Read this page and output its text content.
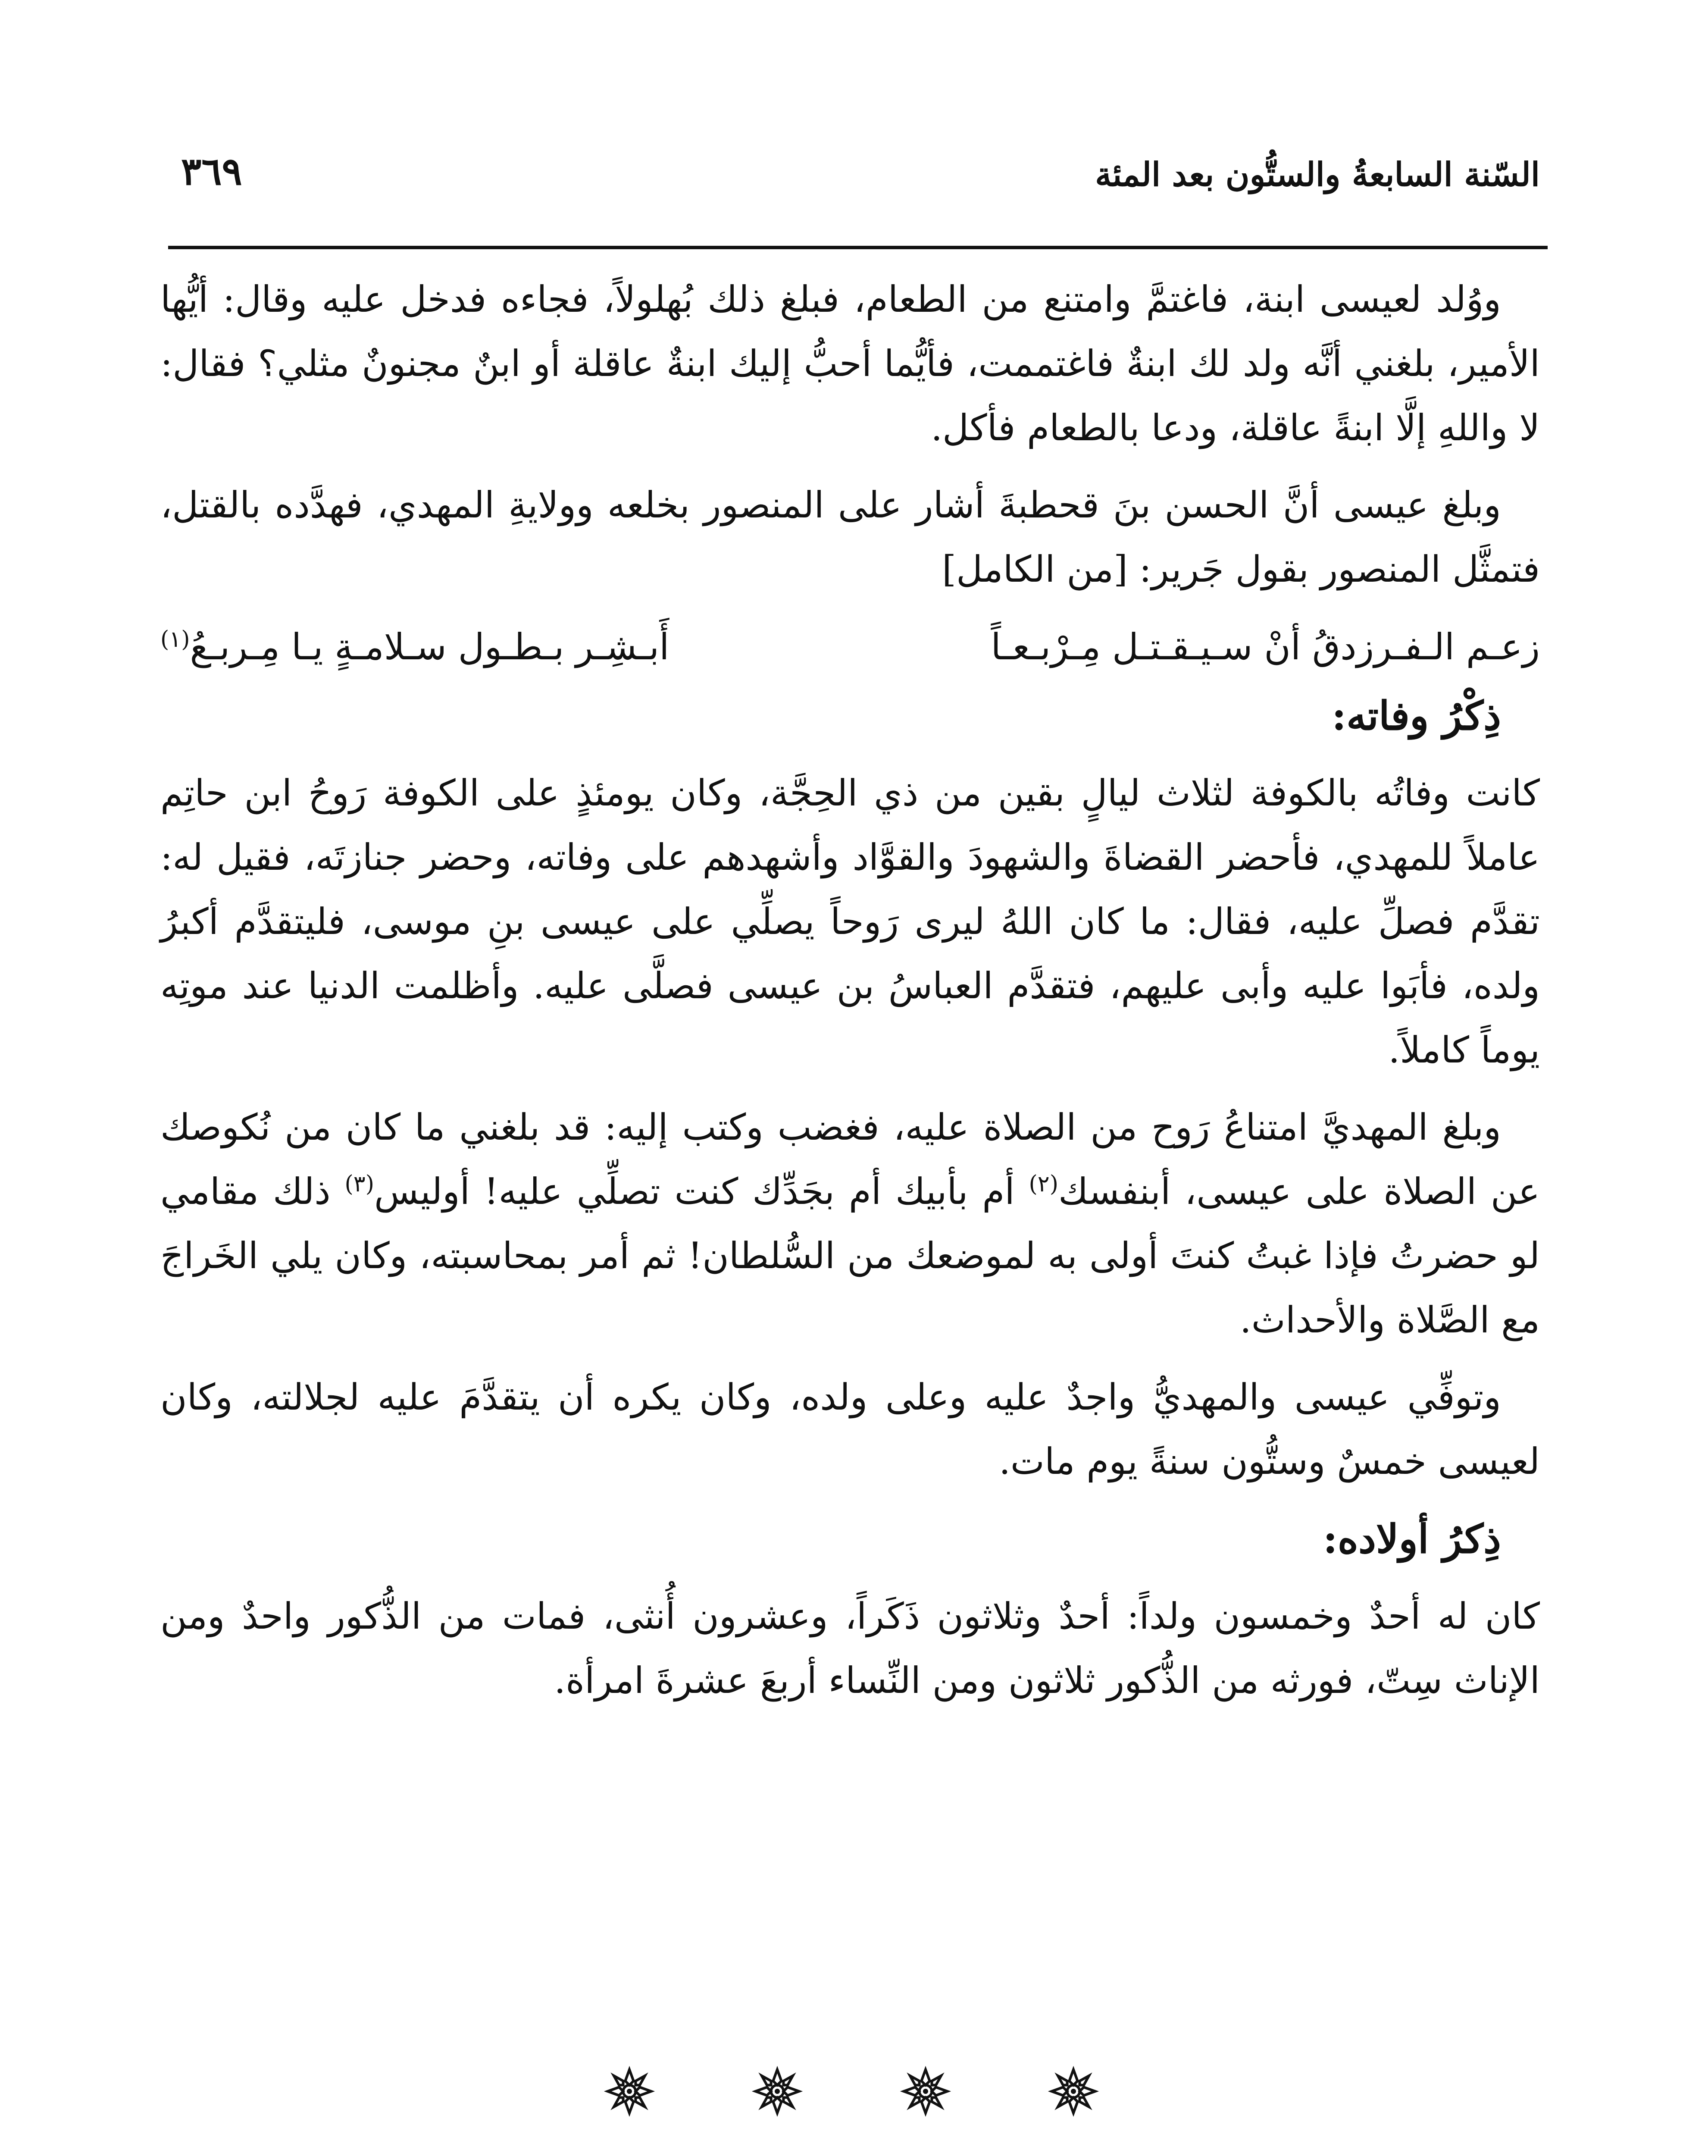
السّنة السابعةُ والستُّون بعد المئة
٣٦٩

ووُلد لعيسى ابنة، فاغتمَّ وامتنع من الطعام، فبلغ ذلك بُهلولاً، فجاءه فدخل عليه وقال: أيُّها الأمير، بلغني أنَّه ولد لك ابنةٌ فاغتممت، فأيُّما أحبُّ إليك ابنةٌ عاقلة أو ابنٌ مجنونٌ مثلي؟ فقال: لا واللهِ إلَّا ابنةً عاقلة، ودعا بالطعام فأكل.

وبلغ عيسى أنَّ الحسن بنَ قحطبةَ أشار على المنصور بخلعه وولايةِ المهدي، فهدَّده بالقتل، فتمثَّل المنصور بقول جَرير: [من الكامل]

زعـم الـفـرزدقُ أنْ سـيـقـتـل مِـرْبـعـاً
أَبـشِـر بـطـول سـلامـةٍ يـا مِـربـعُ$^{(١)}$

ذِكْرُ وفاته:

كانت وفاتُه بالكوفة لثلاث ليالٍ بقين من ذي الحِجَّة، وكان يومئذٍ على الكوفة رَوحُ ابن حاتِم عاملاً للمهدي، فأحضر القضاةَ والشهودَ والقوَّاد وأشهدهم على وفاته، وحضر جنازتَه، فقيل له: تقدَّم فصلِّ عليه، فقال: ما كان اللهُ ليرى رَوحاً يصلِّي على عيسى بنِ موسى، فليتقدَّم أكبرُ ولده، فأبَوا عليه وأبى عليهم، فتقدَّم العباسُ بن عيسى فصلَّى عليه. وأظلمت الدنيا عند موتِه يوماً كاملاً.

وبلغ المهديَّ امتناعُ رَوح من الصلاة عليه، فغضب وكتب إليه: قد بلغني ما كان من نُكوصك عن الصلاة على عيسى، أبنفسك$^{(٢)}$ أم بأبيك أم بجَدِّك كنت تصلِّي عليه! أوليس$^{(٣)}$ ذلك مقامي لو حضرتُ فإذا غبتُ كنتَ أولى به لموضعك من السُّلطان! ثم أمر بمحاسبته، وكان يلي الخَراجَ مع الصَّلاة والأحداث.

وتوفِّي عيسى والمهديُّ واجدٌ عليه وعلى ولده، وكان يكره أن يتقدَّمَ عليه لجلالته، وكان لعيسى خمسٌ وستُّون سنةً يوم مات.

ذِكرُ أولاده:

كان له أحدٌ وخمسون ولداً: أحدٌ وثلاثون ذَكَراً، وعشرون أُنثى، فمات من الذُّكور واحدٌ ومن الإناث سِتّ، فورثه من الذُّكور ثلاثون ومن النِّساء أربعَ عشرةَ امرأة.
